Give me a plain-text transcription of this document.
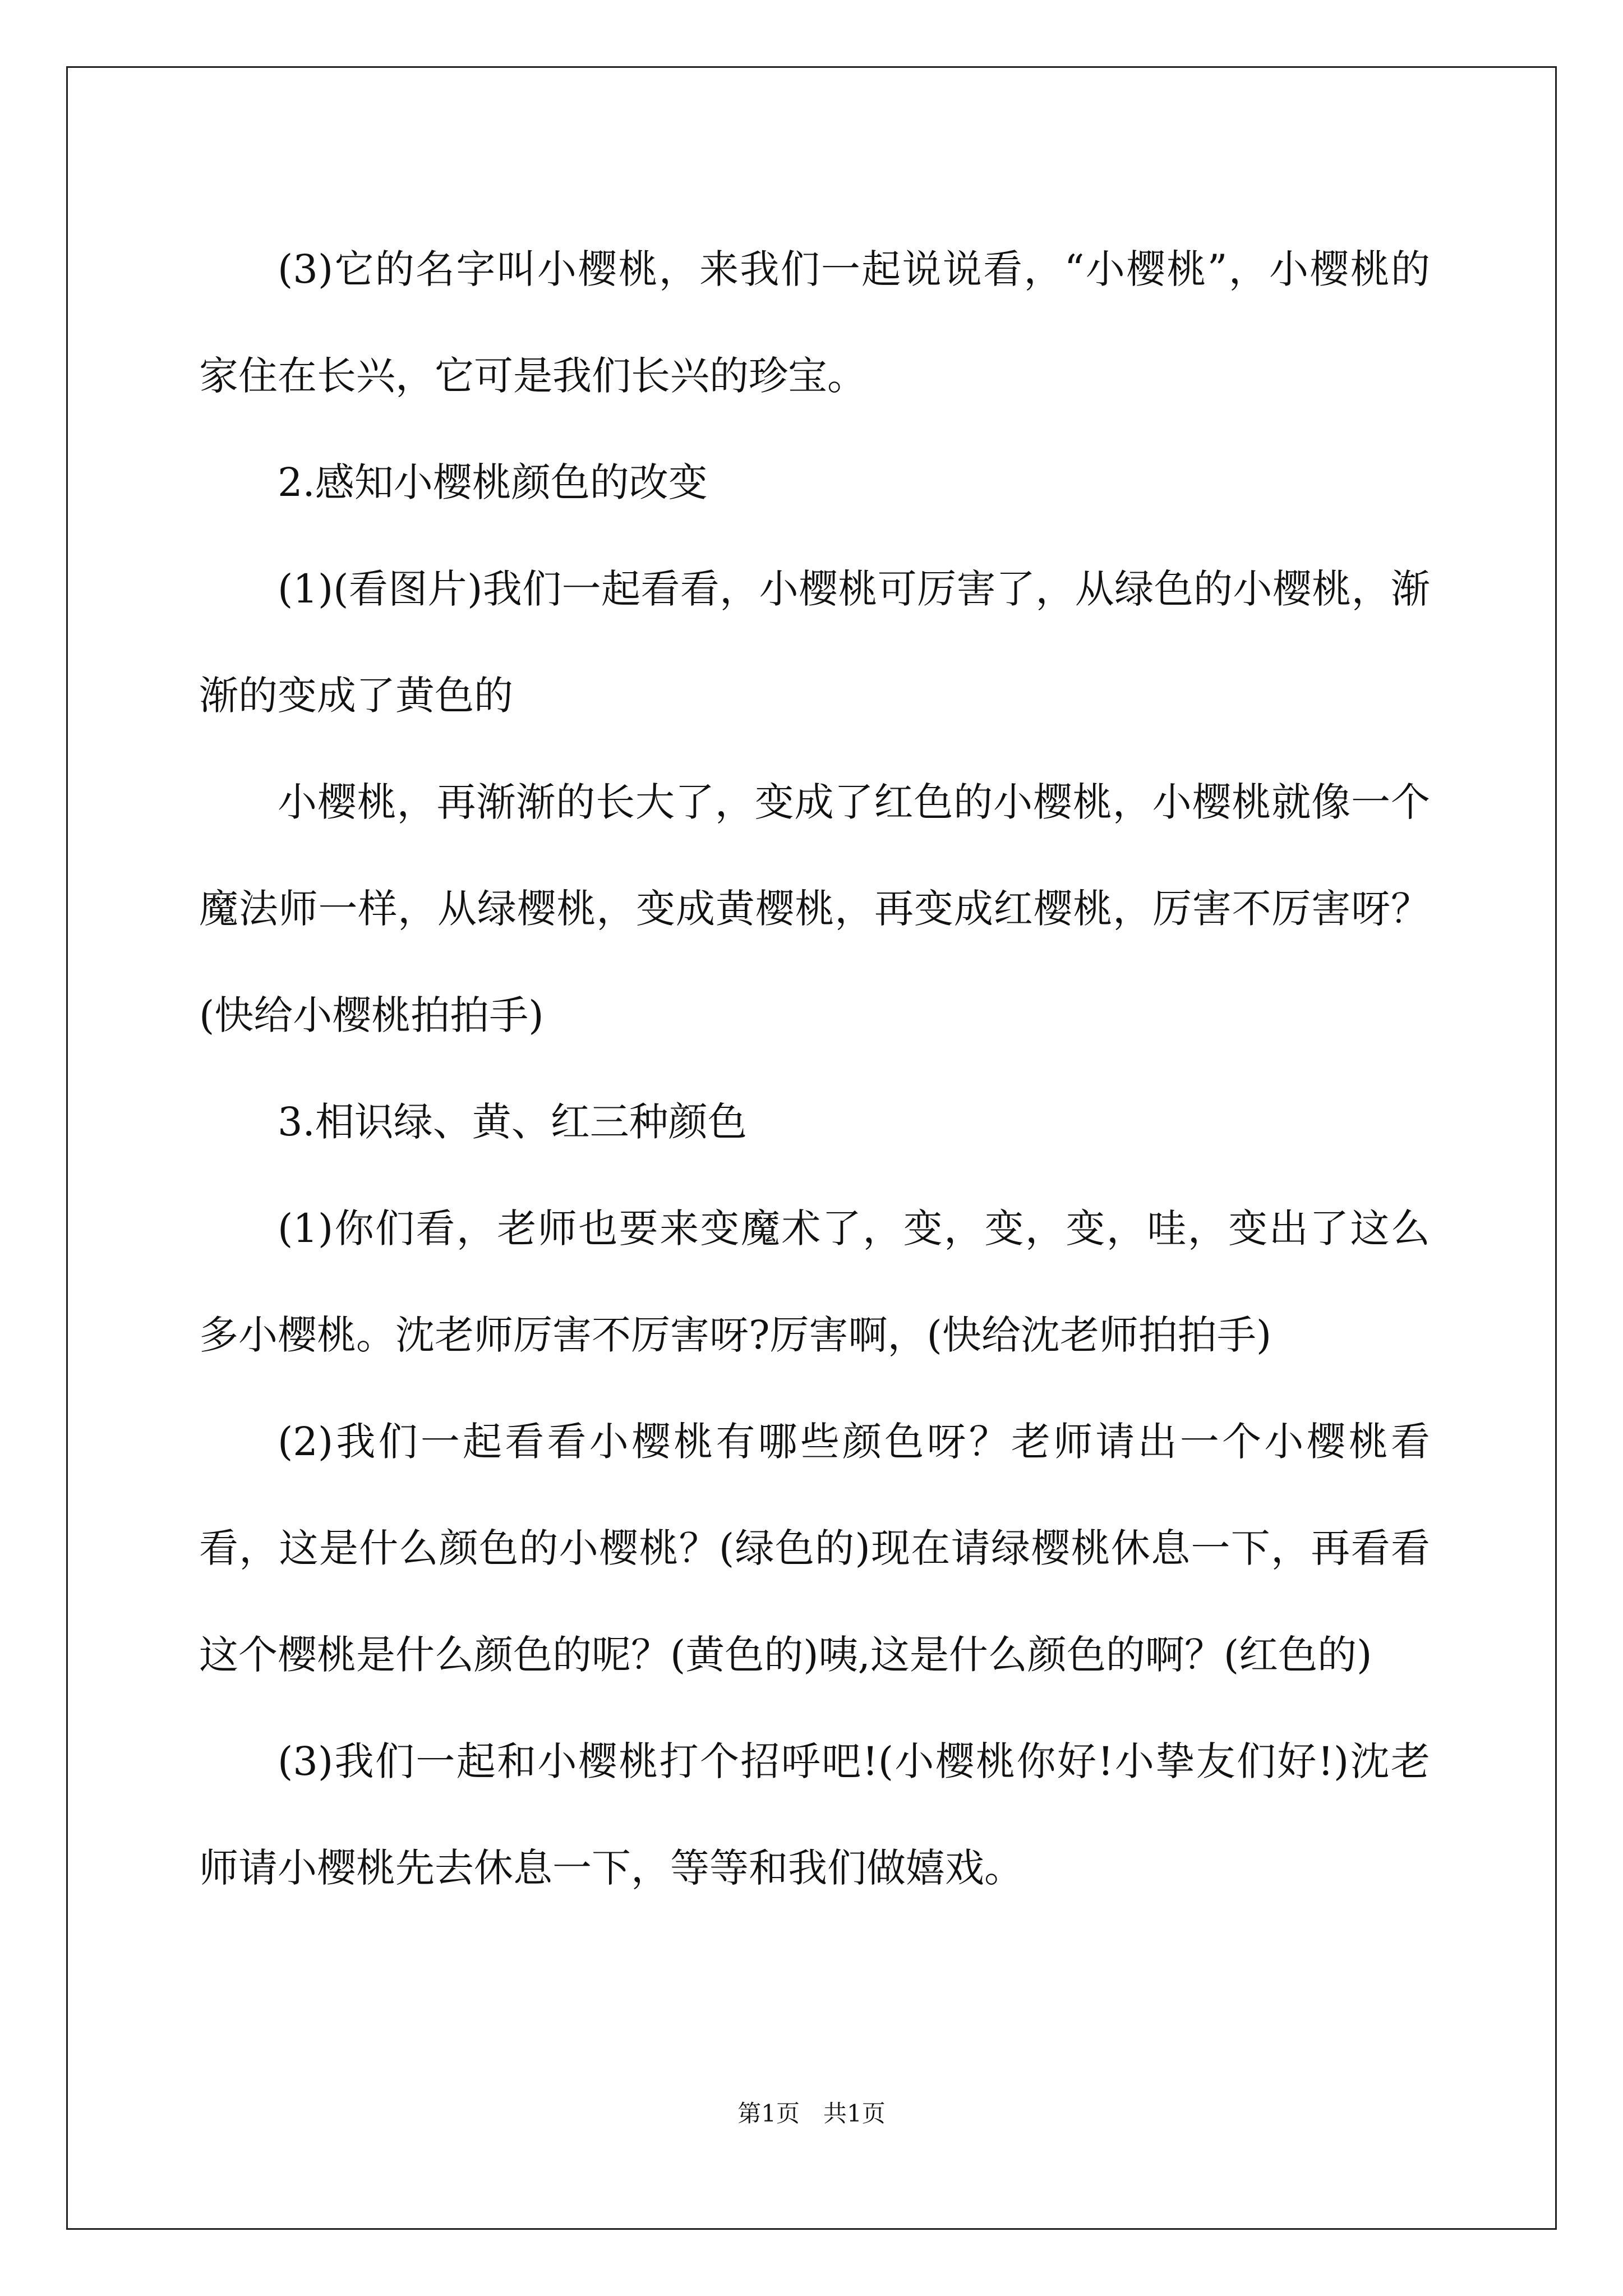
(3)它的名字叫小樱桃，来我们一起说说看，“小樱桃”，小樱桃的家住在长兴，它可是我们长兴的珍宝。

2.感知小樱桃颜色的改变

(1)(看图片)我们一起看看，小樱桃可厉害了，从绿色的小樱桃，渐渐的变成了黄色的

小樱桃，再渐渐的长大了，变成了红色的小樱桃，小樱桃就像一个魔法师一样，从绿樱桃，变成黄樱桃，再变成红樱桃，厉害不厉害呀？(快给小樱桃拍拍手)

3.相识绿、黄、红三种颜色

(1)你们看，老师也要来变魔术了，变，变，变，哇，变出了这么多小樱桃。沈老师厉害不厉害呀?厉害啊，(快给沈老师拍拍手)

(2)我们一起看看小樱桃有哪些颜色呀？老师请出一个小樱桃看看，这是什么颜色的小樱桃？(绿色的)现在请绿樱桃休息一下，再看看这个樱桃是什么颜色的呢？(黄色的)咦,这是什么颜色的啊？(红色的)

(3)我们一起和小樱桃打个招呼吧!(小樱桃你好!小挚友们好!)沈老师请小樱桃先去休息一下，等等和我们做嬉戏。

第1页　共1页
